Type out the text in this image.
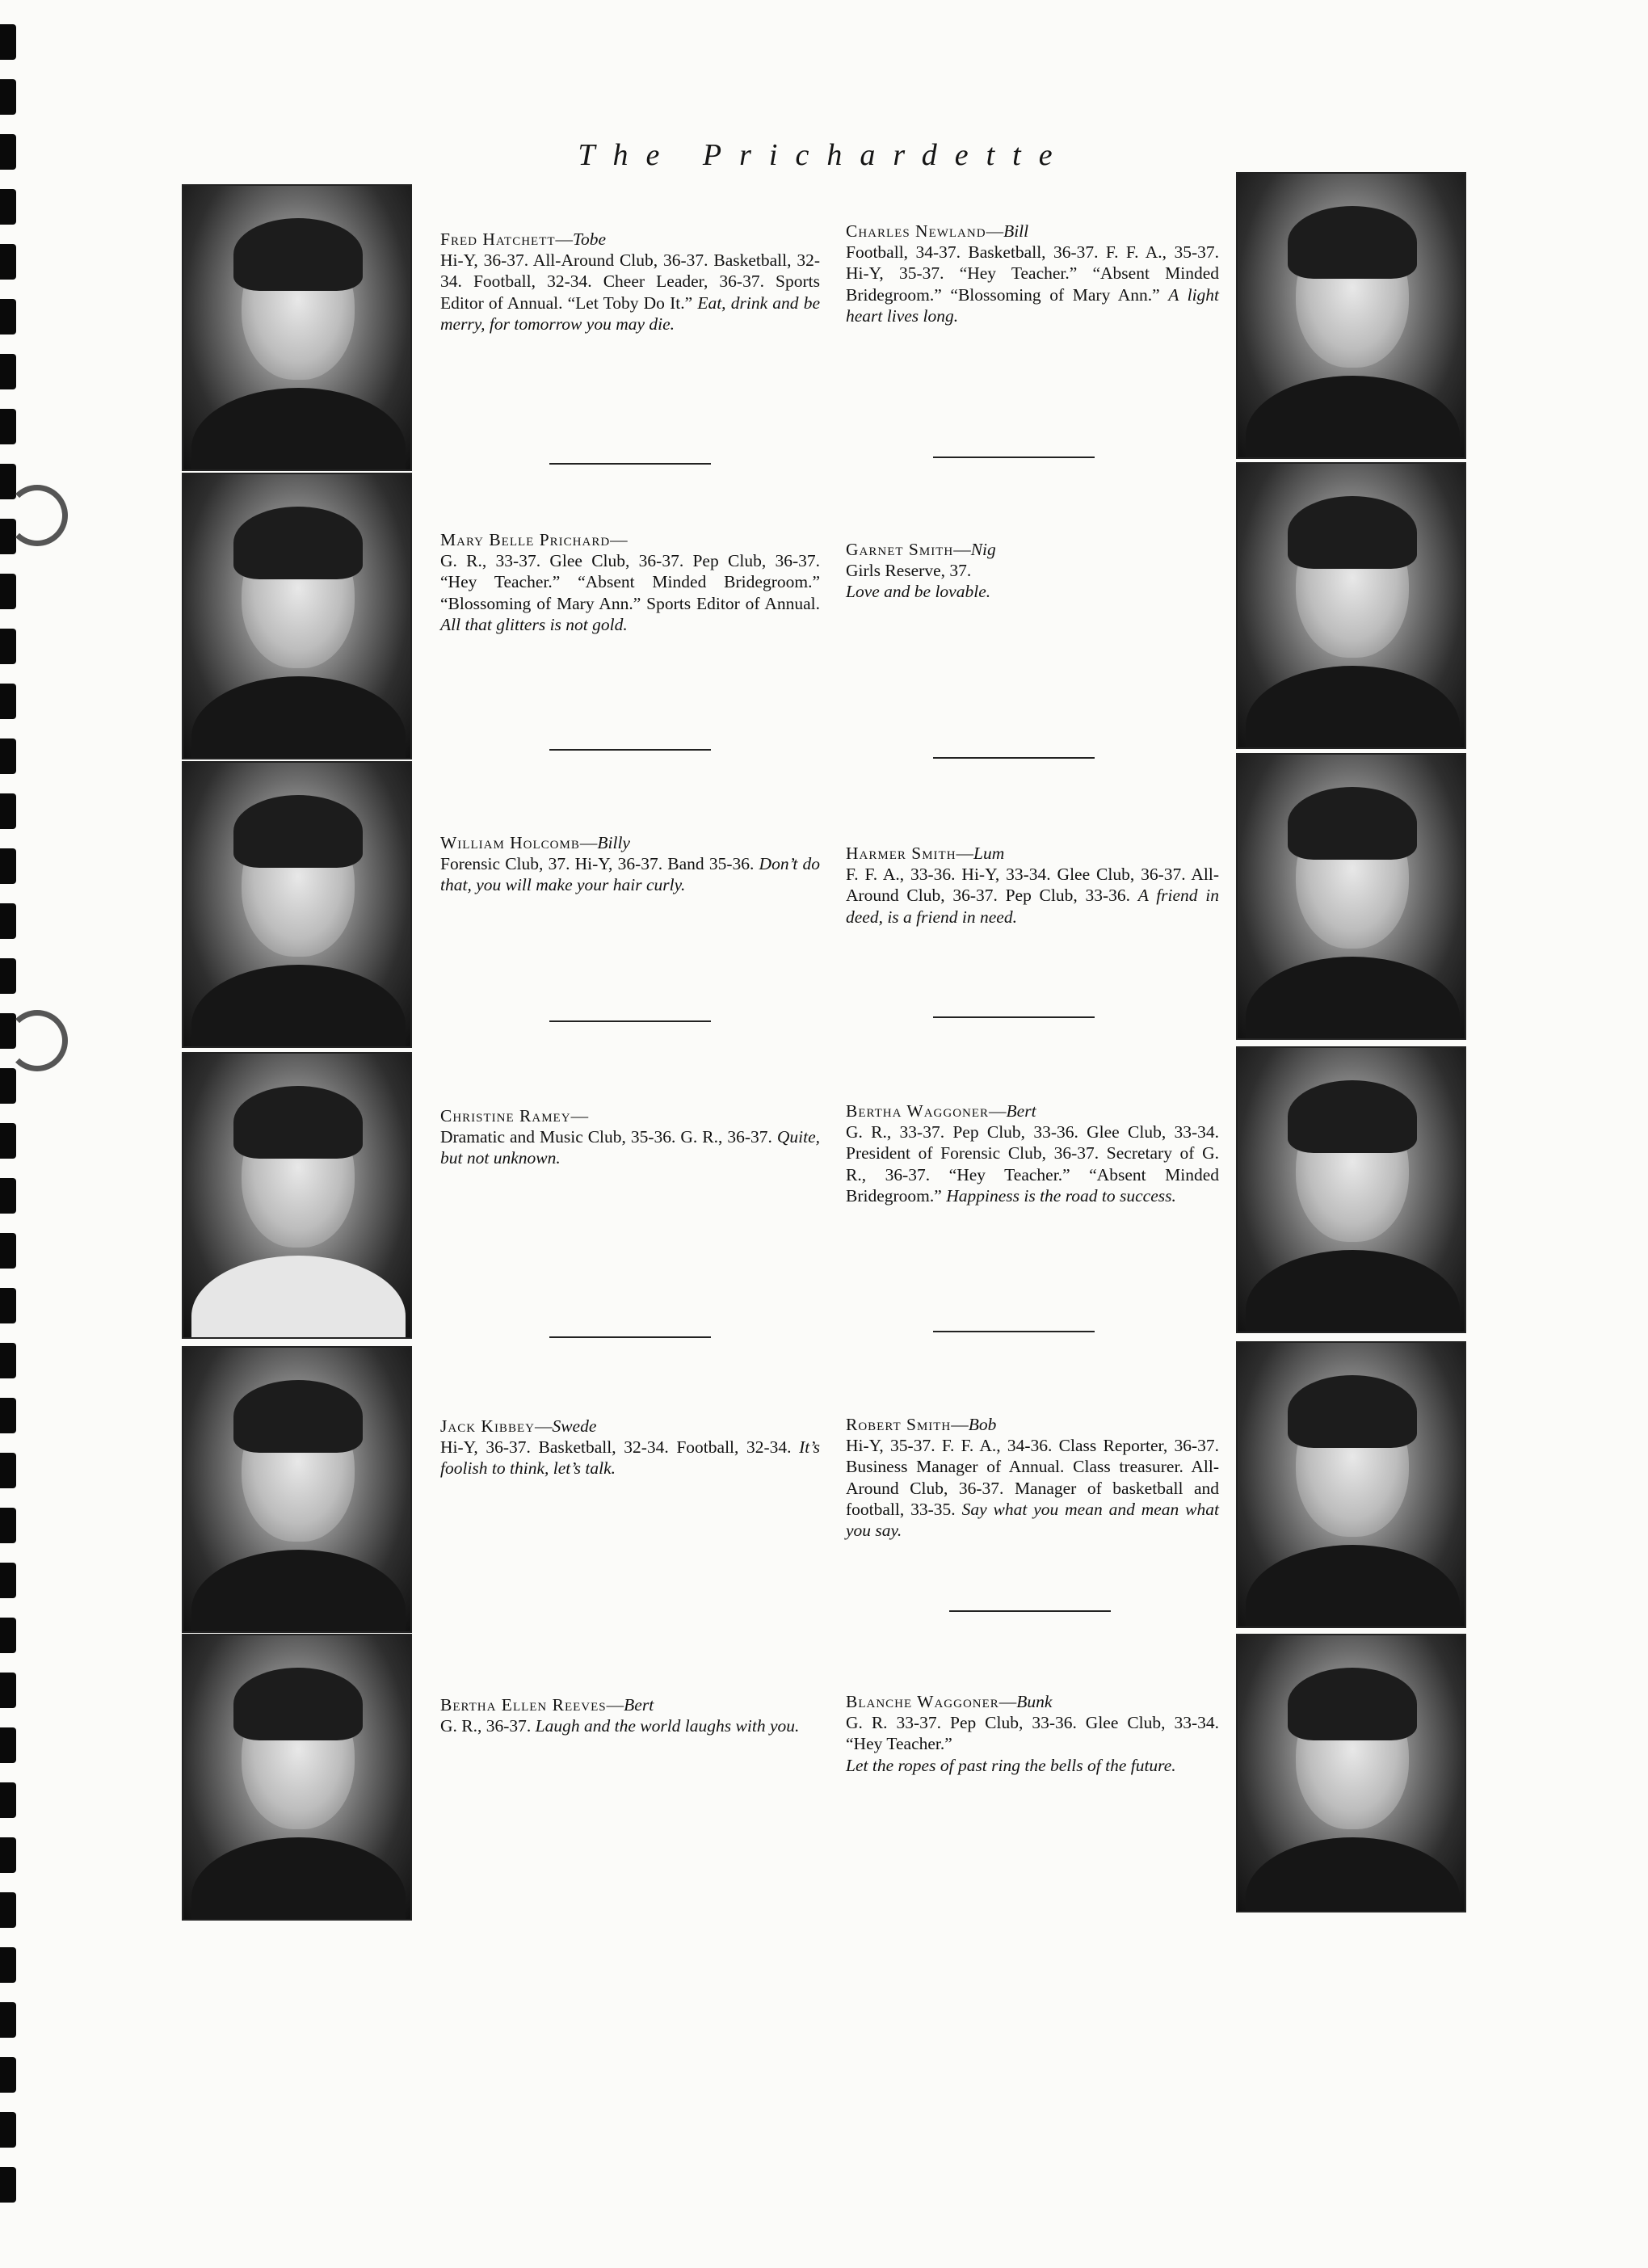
The Prichardette
Fred Hatchett—Tobe
Hi-Y, 36-37. All-Around Club, 36-37. Basketball, 32-34. Football, 32-34. Cheer Leader, 36-37. Sports Editor of Annual. “Let Toby Do It.” Eat, drink and be merry, for tomorrow you may die.
Mary Belle Prichard—
G. R., 33-37. Glee Club, 36-37. Pep Club, 36-37. “Hey Teacher.” “Absent Minded Bridegroom.” “Blossoming of Mary Ann.” Sports Editor of Annual. All that glitters is not gold.
William Holcomb—Billy
Forensic Club, 37. Hi-Y, 36-37. Band 35-36. Don’t do that, you will make your hair curly.
Christine Ramey—
Dramatic and Music Club, 35-36. G. R., 36-37. Quite, but not unknown.
Jack Kibbey—Swede
Hi-Y, 36-37. Basketball, 32-34. Football, 32-34. It’s foolish to think, let’s talk.
Bertha Ellen Reeves—Bert
G. R., 36-37. Laugh and the world laughs with you.
Charles Newland—Bill
Football, 34-37. Basketball, 36-37. F. F. A., 35-37. Hi-Y, 35-37. “Hey Teacher.” “Absent Minded Bridegroom.” “Blossoming of Mary Ann.” A light heart lives long.
Garnet Smith—Nig
Girls Reserve, 37.
Love and be lovable.
Harmer Smith—Lum
F. F. A., 33-36. Hi-Y, 33-34. Glee Club, 36-37. All-Around Club, 36-37. Pep Club, 33-36. A friend in deed, is a friend in need.
Bertha Waggoner—Bert
G. R., 33-37. Pep Club, 33-36. Glee Club, 33-34. President of Forensic Club, 36-37. Secretary of G. R., 36-37. “Hey Teacher.” “Absent Minded Bridegroom.” Happiness is the road to success.
Robert Smith—Bob
Hi-Y, 35-37. F. F. A., 34-36. Class Reporter, 36-37. Business Manager of Annual. Class treasurer. All-Around Club, 36-37. Manager of basketball and football, 33-35. Say what you mean and mean what you say.
Blanche Waggoner—Bunk
G. R. 33-37. Pep Club, 33-36. Glee Club, 33-34. “Hey Teacher.”
Let the ropes of past ring the bells of the future.
